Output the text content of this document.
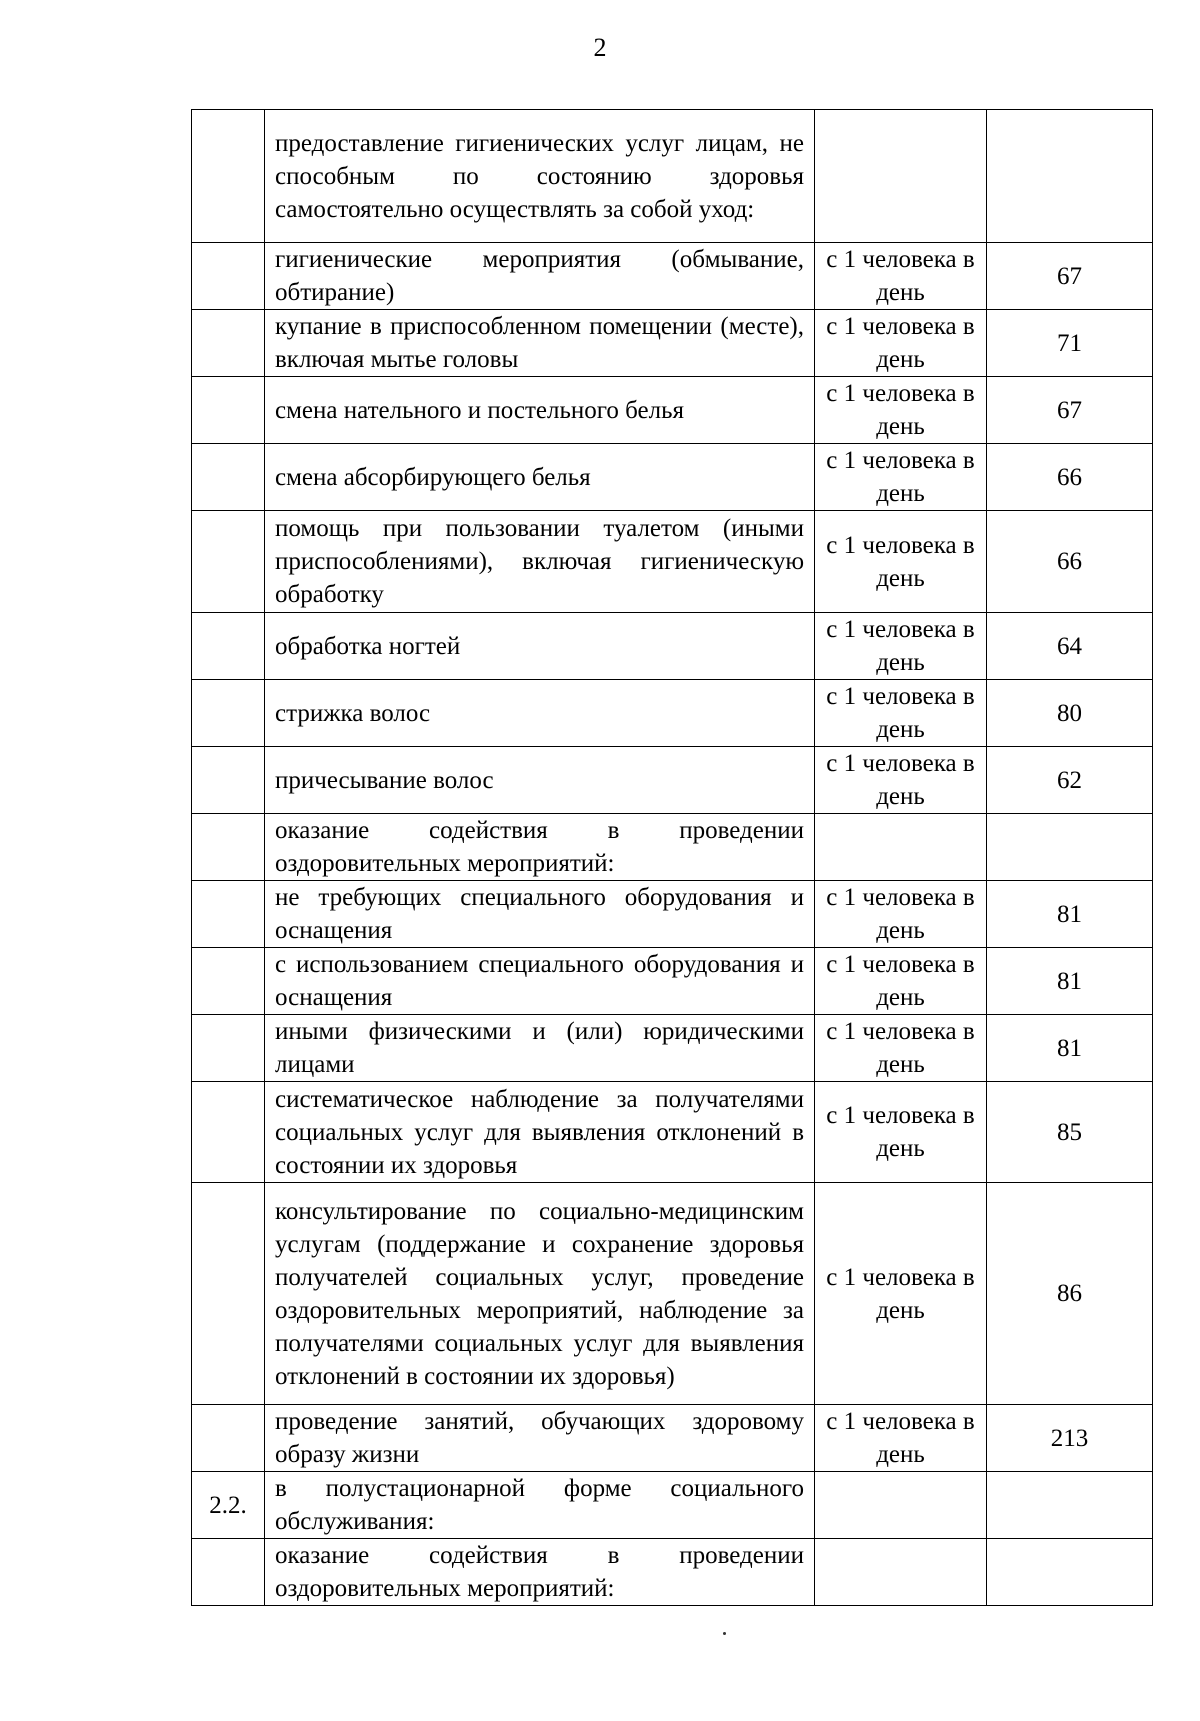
2
	предоставление гигиенических услуг лицам, не способным по состоянию здоровья самостоятельно осуществлять за собой уход:		
	гигиенические мероприятия (обмывание, обтирание)	с 1 человека в день	67
	купание в приспособленном помещении (месте), включая мытье головы	с 1 человека в день	71
	смена нательного и постельного белья	с 1 человека в день	67
	смена абсорбирующего белья	с 1 человека в день	66
	помощь при пользовании туалетом (иными приспособлениями), включая гигиеническую обработку	с 1 человека в день	66
	обработка ногтей	с 1 человека в день	64
	стрижка волос	с 1 человека в день	80
	причесывание волос	с 1 человека в день	62
	оказание содействия в проведении оздоровительных мероприятий:		
	не требующих специального оборудования и оснащения	с 1 человека в день	81
	с использованием специального оборудования и оснащения	с 1 человека в день	81
	иными физическими и (или) юридическими лицами	с 1 человека в день	81
	систематическое наблюдение за получателями социальных услуг для выявления отклонений в состоянии их здоровья	с 1 человека в день	85
	консультирование по социально-медицинским услугам (поддержание и сохранение здоровья получателей социальных услуг, проведение оздоровительных мероприятий, наблюдение за получателями социальных услуг для выявления отклонений в состоянии их здоровья)	с 1 человека в день	86
	проведение занятий, обучающих здоровому образу жизни	с 1 человека в день	213
2.2.	в полустационарной форме социального обслуживания:		
	оказание содействия в проведении оздоровительных мероприятий:		
